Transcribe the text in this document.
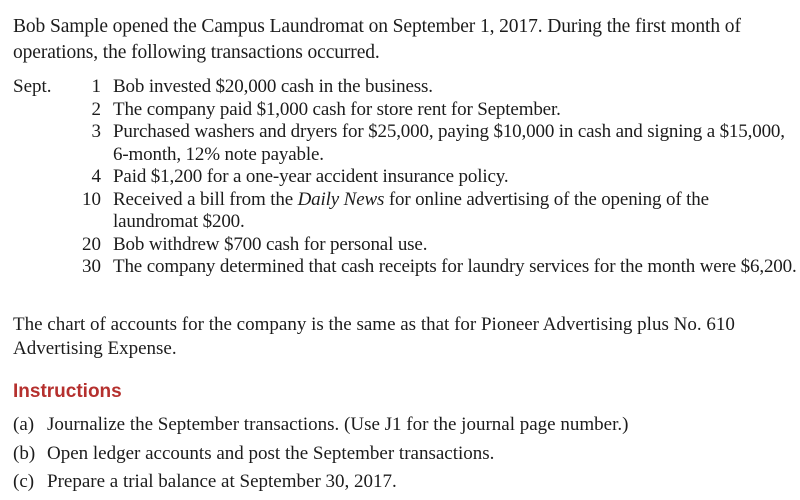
Bob Sample opened the Campus Laundromat on September 1, 2017. During the first month of operations, the following transactions occurred.
Sept.	1 Bob invested $20,000 cash in the business.
2 The company paid $1,000 cash for store rent for September.
3 Purchased washers and dryers for $25,000, paying $10,000 in cash and signing a $15,000, 6-month, 12% note payable.
4 Paid $1,200 for a one-year accident insurance policy.
10 Received a bill from the Daily News for online advertising of the opening of the laundromat $200.
20 Bob withdrew $700 cash for personal use.
30 The company determined that cash receipts for laundry services for the month were $6,200.
The chart of accounts for the company is the same as that for Pioneer Advertising plus No. 610 Advertising Expense.
Instructions
(a) Journalize the September transactions. (Use J1 for the journal page number.)
(b) Open ledger accounts and post the September transactions.
(c) Prepare a trial balance at September 30, 2017.
